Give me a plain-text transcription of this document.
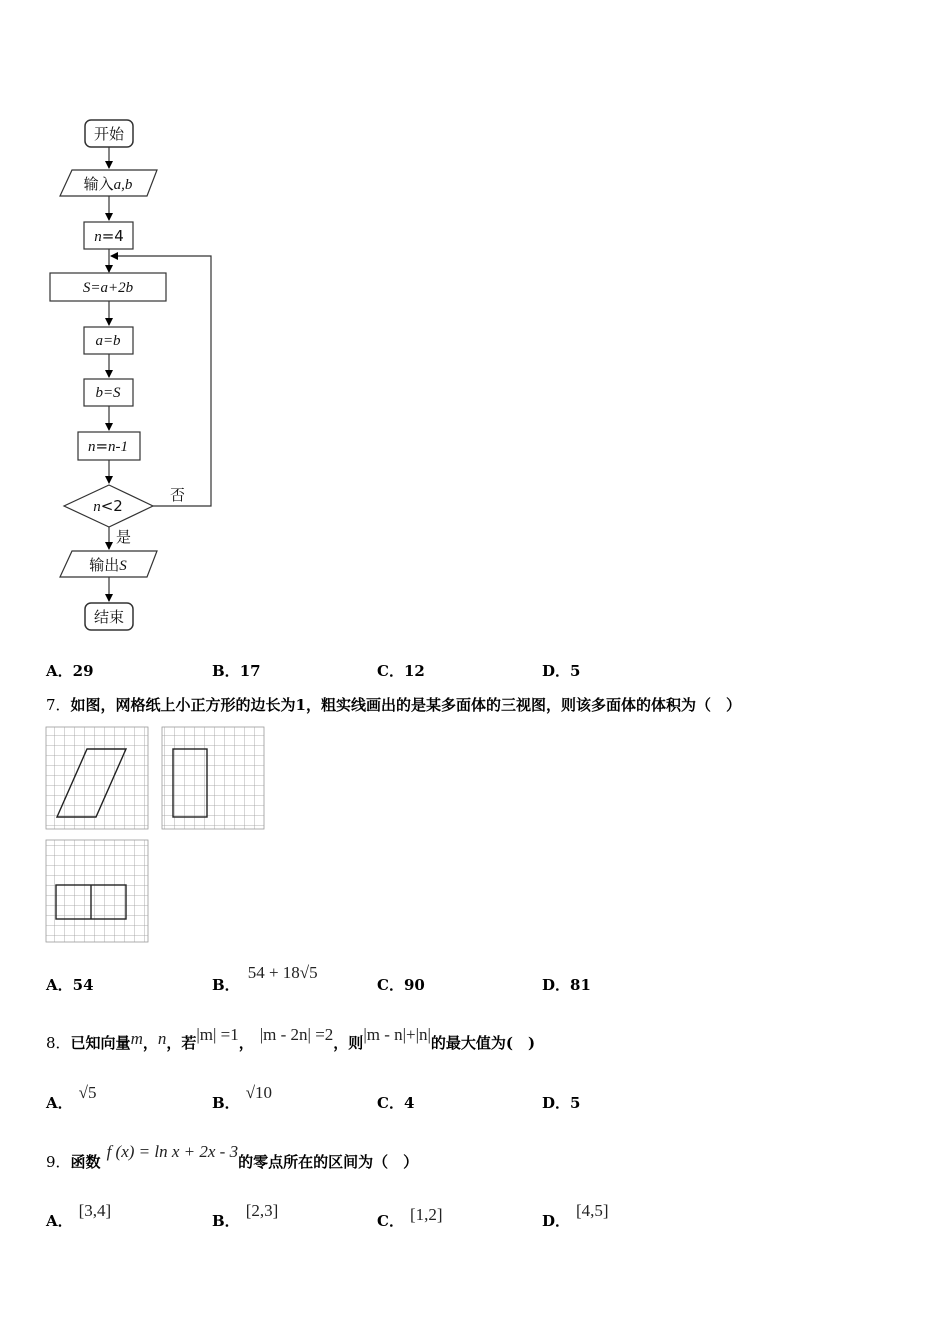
开始
输入a,b
n=4
S=a+2b
a=b
b=S
n=n-1
n<2
否
是
输出S
结束
A．29	B．17	C．12	D．5
7．如图，网格纸上小正方形的边长为1，粗实线画出的是某多面体的三视图，则该多面体的体积为（　）
A．54	B．54 + 18√5
C．90	D．81
8．已知向量m，n，若|m| =1， |m - 2n| =2，则|m - n|+|n|的最大值为(　)
A．√5
B．√10
C．4	D．5
9．函数f (x) = ln x + 2x - 3的零点所在的区间为（　）
A．[3,4]
B．[2,3]
C． [1,2]	D．[4,5]
